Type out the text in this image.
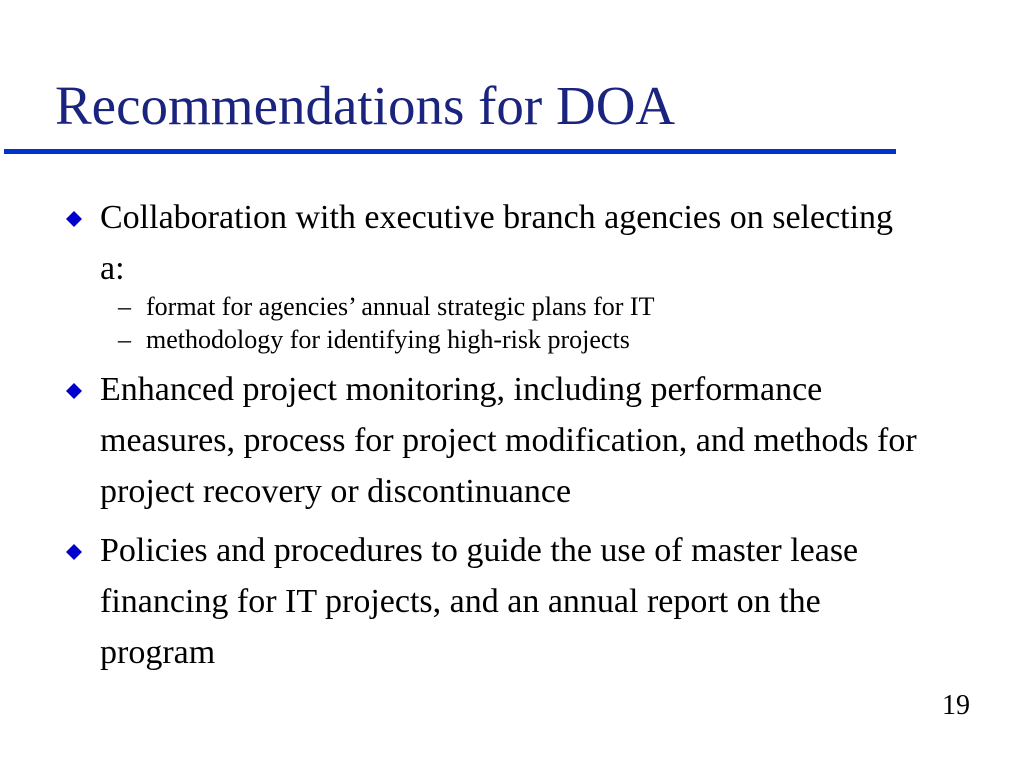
Recommendations for DOA
Collaboration with executive branch agencies on selecting a:
– format for agencies’ annual strategic plans for IT
– methodology for identifying high-risk projects
Enhanced project monitoring, including performance measures, process for project modification, and methods for project recovery or discontinuance
Policies and procedures to guide the use of master lease financing for IT projects, and an annual report on the program
19
